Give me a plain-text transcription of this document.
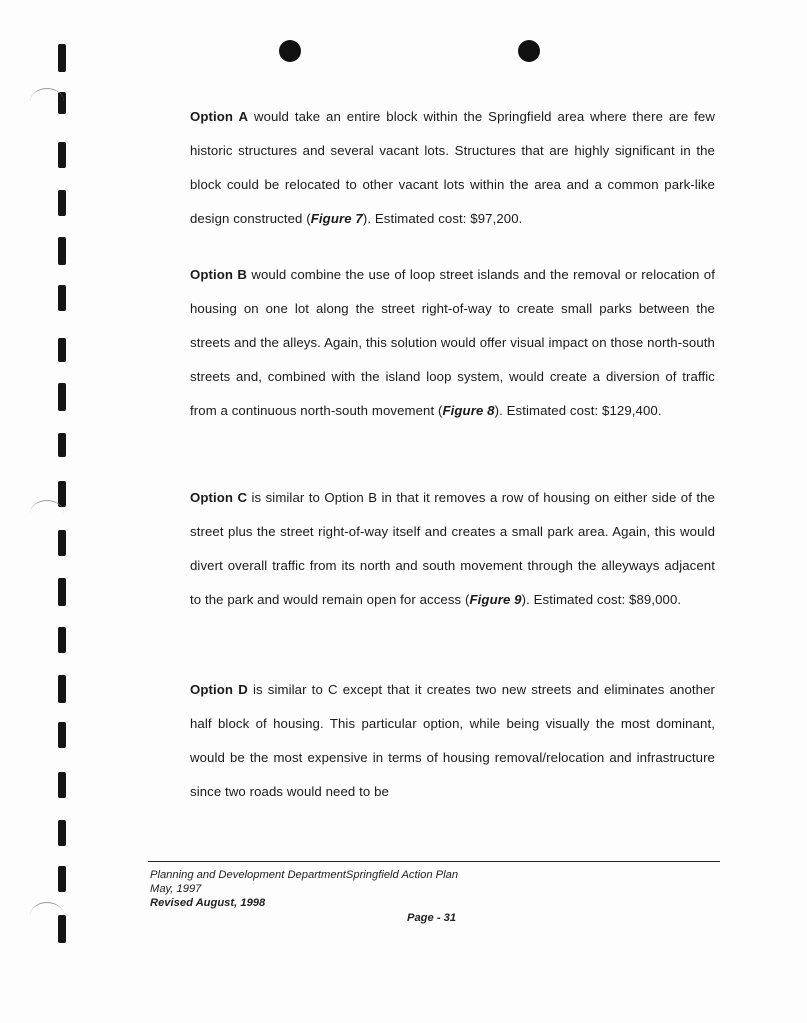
Option A would take an entire block within the Springfield area where there are few historic structures and several vacant lots. Structures that are highly significant in the block could be relocated to other vacant lots within the area and a common park-like design constructed (Figure 7). Estimated cost: $97,200.

Option B would combine the use of loop street islands and the removal or relocation of housing on one lot along the street right-of-way to create small parks between the streets and the alleys. Again, this solution would offer visual impact on those north-south streets and, combined with the island loop system, would create a diversion of traffic from a continuous north-south movement (Figure 8). Estimated cost: $129,400.

Option C is similar to Option B in that it removes a row of housing on either side of the street plus the street right-of-way itself and creates a small park area. Again, this would divert overall traffic from its north and south movement through the alleyways adjacent to the park and would remain open for access (Figure 9). Estimated cost: $89,000.

Option D is similar to C except that it creates two new streets and eliminates another half block of housing. This particular option, while being visually the most dominant, would be the most expensive in terms of housing removal/relocation and infrastructure since two roads would need to be

Planning and Development DepartmentSpringfield Action Plan
May, 1997
Revised August, 1998
Page - 31
